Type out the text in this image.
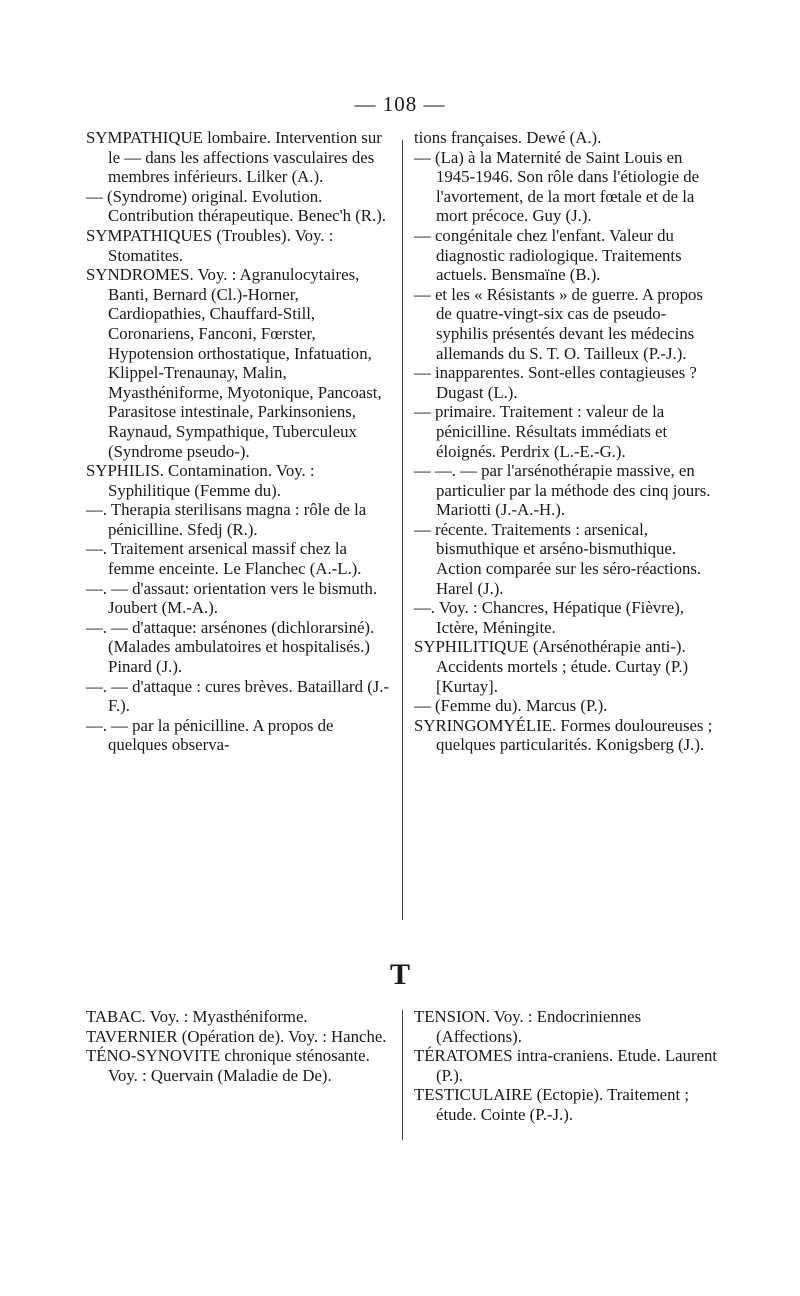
— 108 —

SYMPATHIQUE lombaire. Intervention sur le — dans les affections vasculaires des membres inférieurs. Lilker (A.).

— (Syndrome) original. Evolution. Contribution thérapeutique. Benec'h (R.).

SYMPATHIQUES (Troubles). Voy. : Stomatites.

SYNDROMES. Voy. : Agranulocytaires, Banti, Bernard (Cl.)-Horner, Cardiopathies, Chauffard-Still, Coronariens, Fanconi, Fœrster, Hypotension orthostatique, Infatuation, Klippel-Trenaunay, Malin, Myasthéniforme, Myotonique, Pancoast, Parasitose intestinale, Parkinsoniens, Raynaud, Sympathique, Tuberculeux (Syndrome pseudo-).

SYPHILIS. Contamination. Voy. : Syphilitique (Femme du).

—. Therapia sterilisans magna : rôle de la pénicilline. Sfedj (R.).

—. Traitement arsenical massif chez la femme enceinte. Le Flanchec (A.-L.).

—. — d'assaut: orientation vers le bismuth. Joubert (M.-A.).

—. — d'attaque: arsénones (dichlorarsiné). (Malades ambulatoires et hospitalisés.) Pinard (J.).

—. — d'attaque : cures brèves. Bataillard (J.-F.).

—. — par la pénicilline. A propos de quelques observa-

tions françaises. Dewé (A.).

— (La) à la Maternité de Saint Louis en 1945-1946. Son rôle dans l'étiologie de l'avortement, de la mort fœtale et de la mort précoce. Guy (J.).

— congénitale chez l'enfant. Valeur du diagnostic radiologique. Traitements actuels. Bensmaïne (B.).

— et les « Résistants » de guerre. A propos de quatre-vingt-six cas de pseudo-syphilis présentés devant les médecins allemands du S. T. O. Tailleux (P.-J.).

— inapparentes. Sont-elles contagieuses ? Dugast (L.).

— primaire. Traitement : valeur de la pénicilline. Résultats immédiats et éloignés. Perdrix (L.-E.-G.).

— —. — par l'arsénothérapie massive, en particulier par la méthode des cinq jours. Mariotti (J.-A.-H.).

— récente. Traitements : arsenical, bismuthique et arséno-bismuthique. Action comparée sur les séro-réactions. Harel (J.).

—. Voy. : Chancres, Hépatique (Fièvre), Ictère, Méningite.

SYPHILITIQUE (Arsénothérapie anti-). Accidents mortels ; étude. Curtay (P.) [Kurtay].

— (Femme du). Marcus (P.).

SYRINGOMYÉLIE. Formes douloureuses ; quelques particularités. Konigsberg (J.).

T

TABAC. Voy. : Myasthéniforme.

TAVERNIER (Opération de). Voy. : Hanche.

TÉNO-SYNOVITE chronique sténosante. Voy. : Quervain (Maladie de De).

TENSION. Voy. : Endocriniennes (Affections).

TÉRATOMES intra-craniens. Etude. Laurent (P.).

TESTICULAIRE (Ectopie). Traitement ; étude. Cointe (P.-J.).
